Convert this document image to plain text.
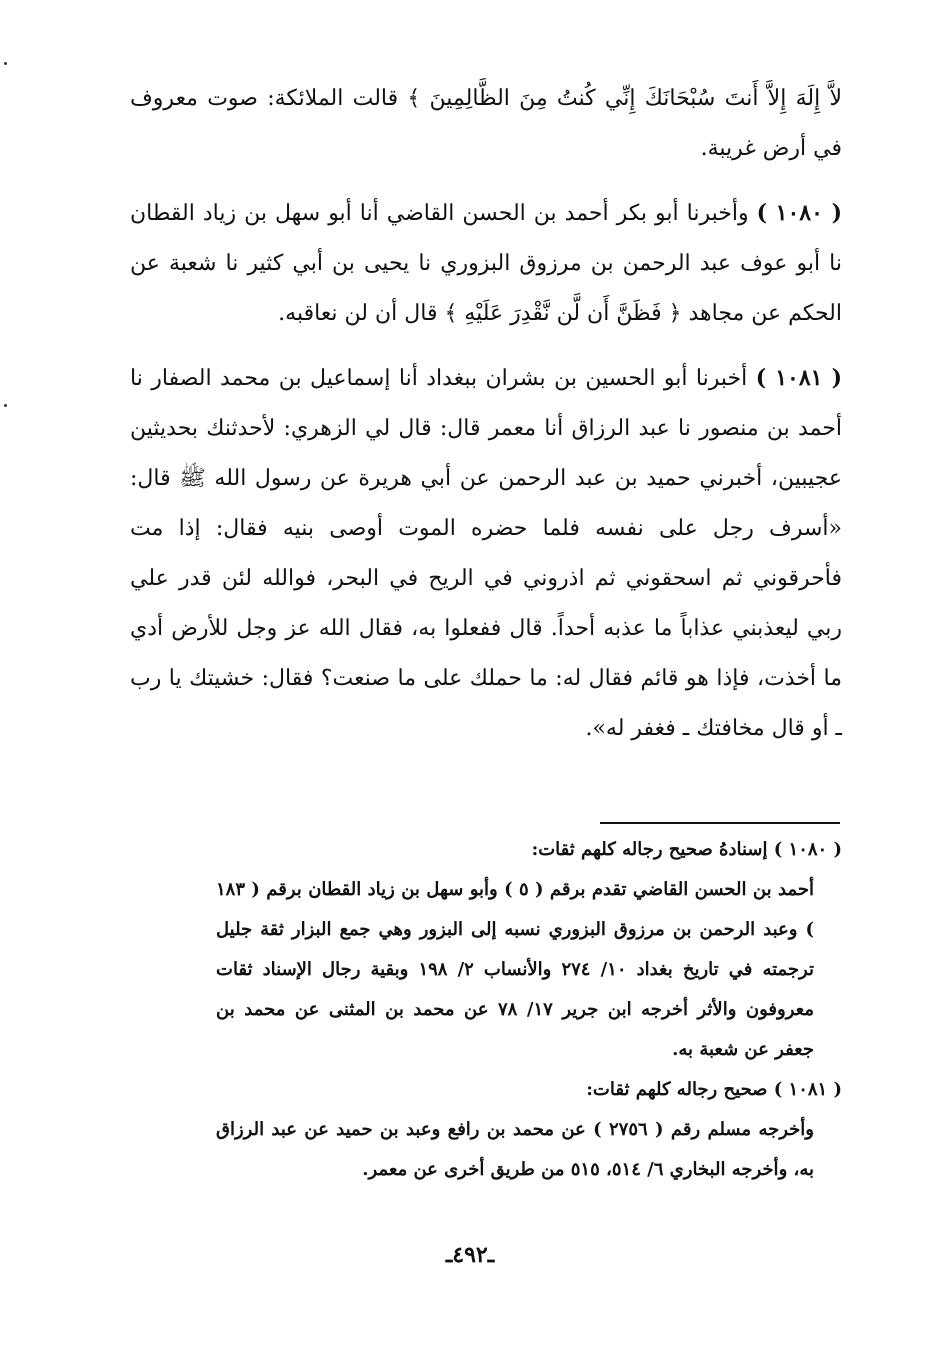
لاَّ إِلَهَ إِلاَّ أَنتَ سُبْحَانَكَ إِنِّي كُنتُ مِنَ الظَّالِمِينَ ﴾ قالت الملائكة: صوت معروف في أرض غريبة.

( ١٠٨٠ ) وأخبرنا أبو بكر أحمد بن الحسن القاضي أنا أبو سهل بن زياد القطان نا أبو عوف عبد الرحمن بن مرزوق البزوري نا يحيى بن أبي كثير نا شعبة عن الحكم عن مجاهد ﴿ فَظَنَّ أَن لَّن نَّقْدِرَ عَلَيْهِ ﴾ قال أن لن نعاقبه.

( ١٠٨١ ) أخبرنا أبو الحسين بن بشران ببغداد أنا إسماعيل بن محمد الصفار نا أحمد بن منصور نا عبد الرزاق أنا معمر قال: قال لي الزهري: لأحدثنك بحديثين عجيبين، أخبرني حميد بن عبد الرحمن عن أبي هريرة عن رسول الله ﷺ قال: «أسرف رجل على نفسه فلما حضره الموت أوصى بنيه فقال: إذا مت فأحرقوني ثم اسحقوني ثم اذروني في الريح في البحر، فوالله لئن قدر علي ربي ليعذبني عذاباً ما عذبه أحداً. قال ففعلوا به، فقال الله عز وجل للأرض أدي ما أخذت، فإذا هو قائم فقال له: ما حملك على ما صنعت؟ فقال: خشيتك يا رب ـ أو قال مخافتك ـ فغفر له».

( ١٠٨٠ ) إسنادهُ صحيح رجاله كلهم ثقات:

أحمد بن الحسن القاضي تقدم برقم ( ٥ ) وأبو سهل بن زياد القطان برقم ( ١٨٣ ) وعبد الرحمن بن مرزوق البزوري نسبه إلى البزور وهي جمع البزار ثقة جليل ترجمته في تاريخ بغداد ١٠/ ٢٧٤ والأنساب ٢/ ١٩٨ وبقية رجال الإسناد ثقات معروفون والأثر أخرجه ابن جرير ١٧/ ٧٨ عن محمد بن المثنى عن محمد بن جعفر عن شعبة به.

( ١٠٨١ ) صحيح رجاله كلهم ثقات:

وأخرجه مسلم رقم ( ٢٧٥٦ ) عن محمد بن رافع وعبد بن حميد عن عبد الرزاق به، وأخرجه البخاري ٦/ ٥١٤، ٥١٥ من طريق أخرى عن معمر.

ـ٤٩٢ـ
